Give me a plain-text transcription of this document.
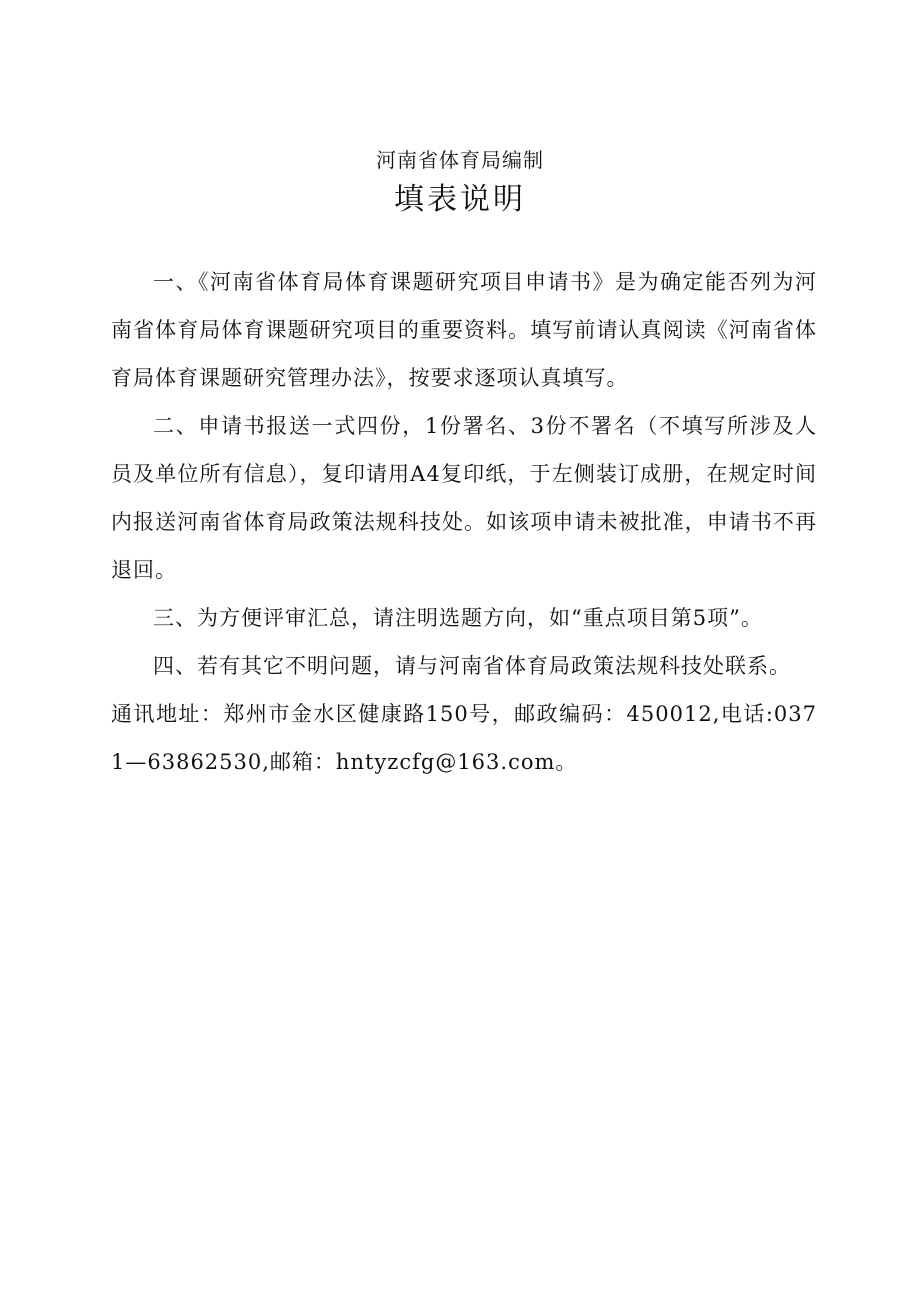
河南省体育局编制
填表说明

一、《河南省体育局体育课题研究项目申请书》是为确定能否列为河南省体育局体育课题研究项目的重要资料。填写前请认真阅读《河南省体育局体育课题研究管理办法》，按要求逐项认真填写。

二、申请书报送一式四份，1份署名、3份不署名（不填写所涉及人员及单位所有信息），复印请用A4复印纸，于左侧装订成册，在规定时间内报送河南省体育局政策法规科技处。如该项申请未被批准，申请书不再退回。

三、为方便评审汇总，请注明选题方向，如“重点项目第5项”。

四、若有其它不明问题，请与河南省体育局政策法规科技处联系。

通讯地址：郑州市金水区健康路150号，邮政编码：450012,电话:0371—63862530,邮箱：hntyzcfg@163.com。
